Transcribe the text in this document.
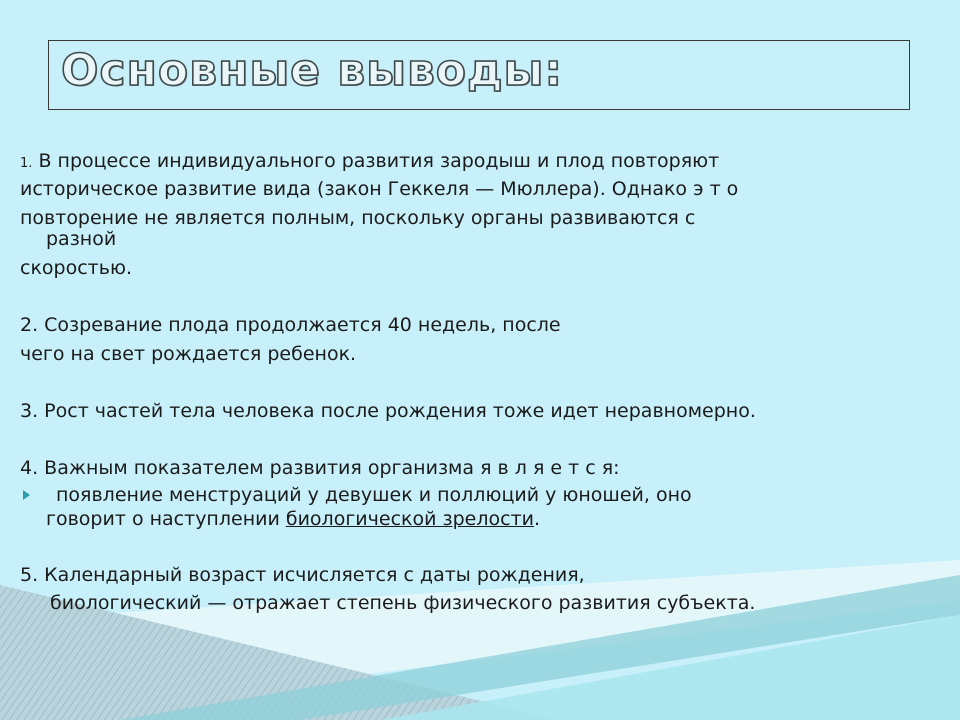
Основные выводы:
1. В процессе индивидуального развития зародыш и плод повторяют
историческое развитие вида (закон Геккеля — Мюллера). Однако э т о
повторение не является полным, поскольку органы развиваются с
разной
скоростью.
2. Созревание плода продолжается 40 недель, после
чего на свет рождается ребенок.
3. Рост частей тела человека после рождения тоже идет неравномерно.
4. Важным показателем развития организма я в л я е т с я:
появление менструаций у девушек и поллюций у юношей, оно
говорит о наступлении биологической зрелости.
5. Календарный возраст исчисляется с даты рождения,
биологический — отражает степень физического развития субъекта.
